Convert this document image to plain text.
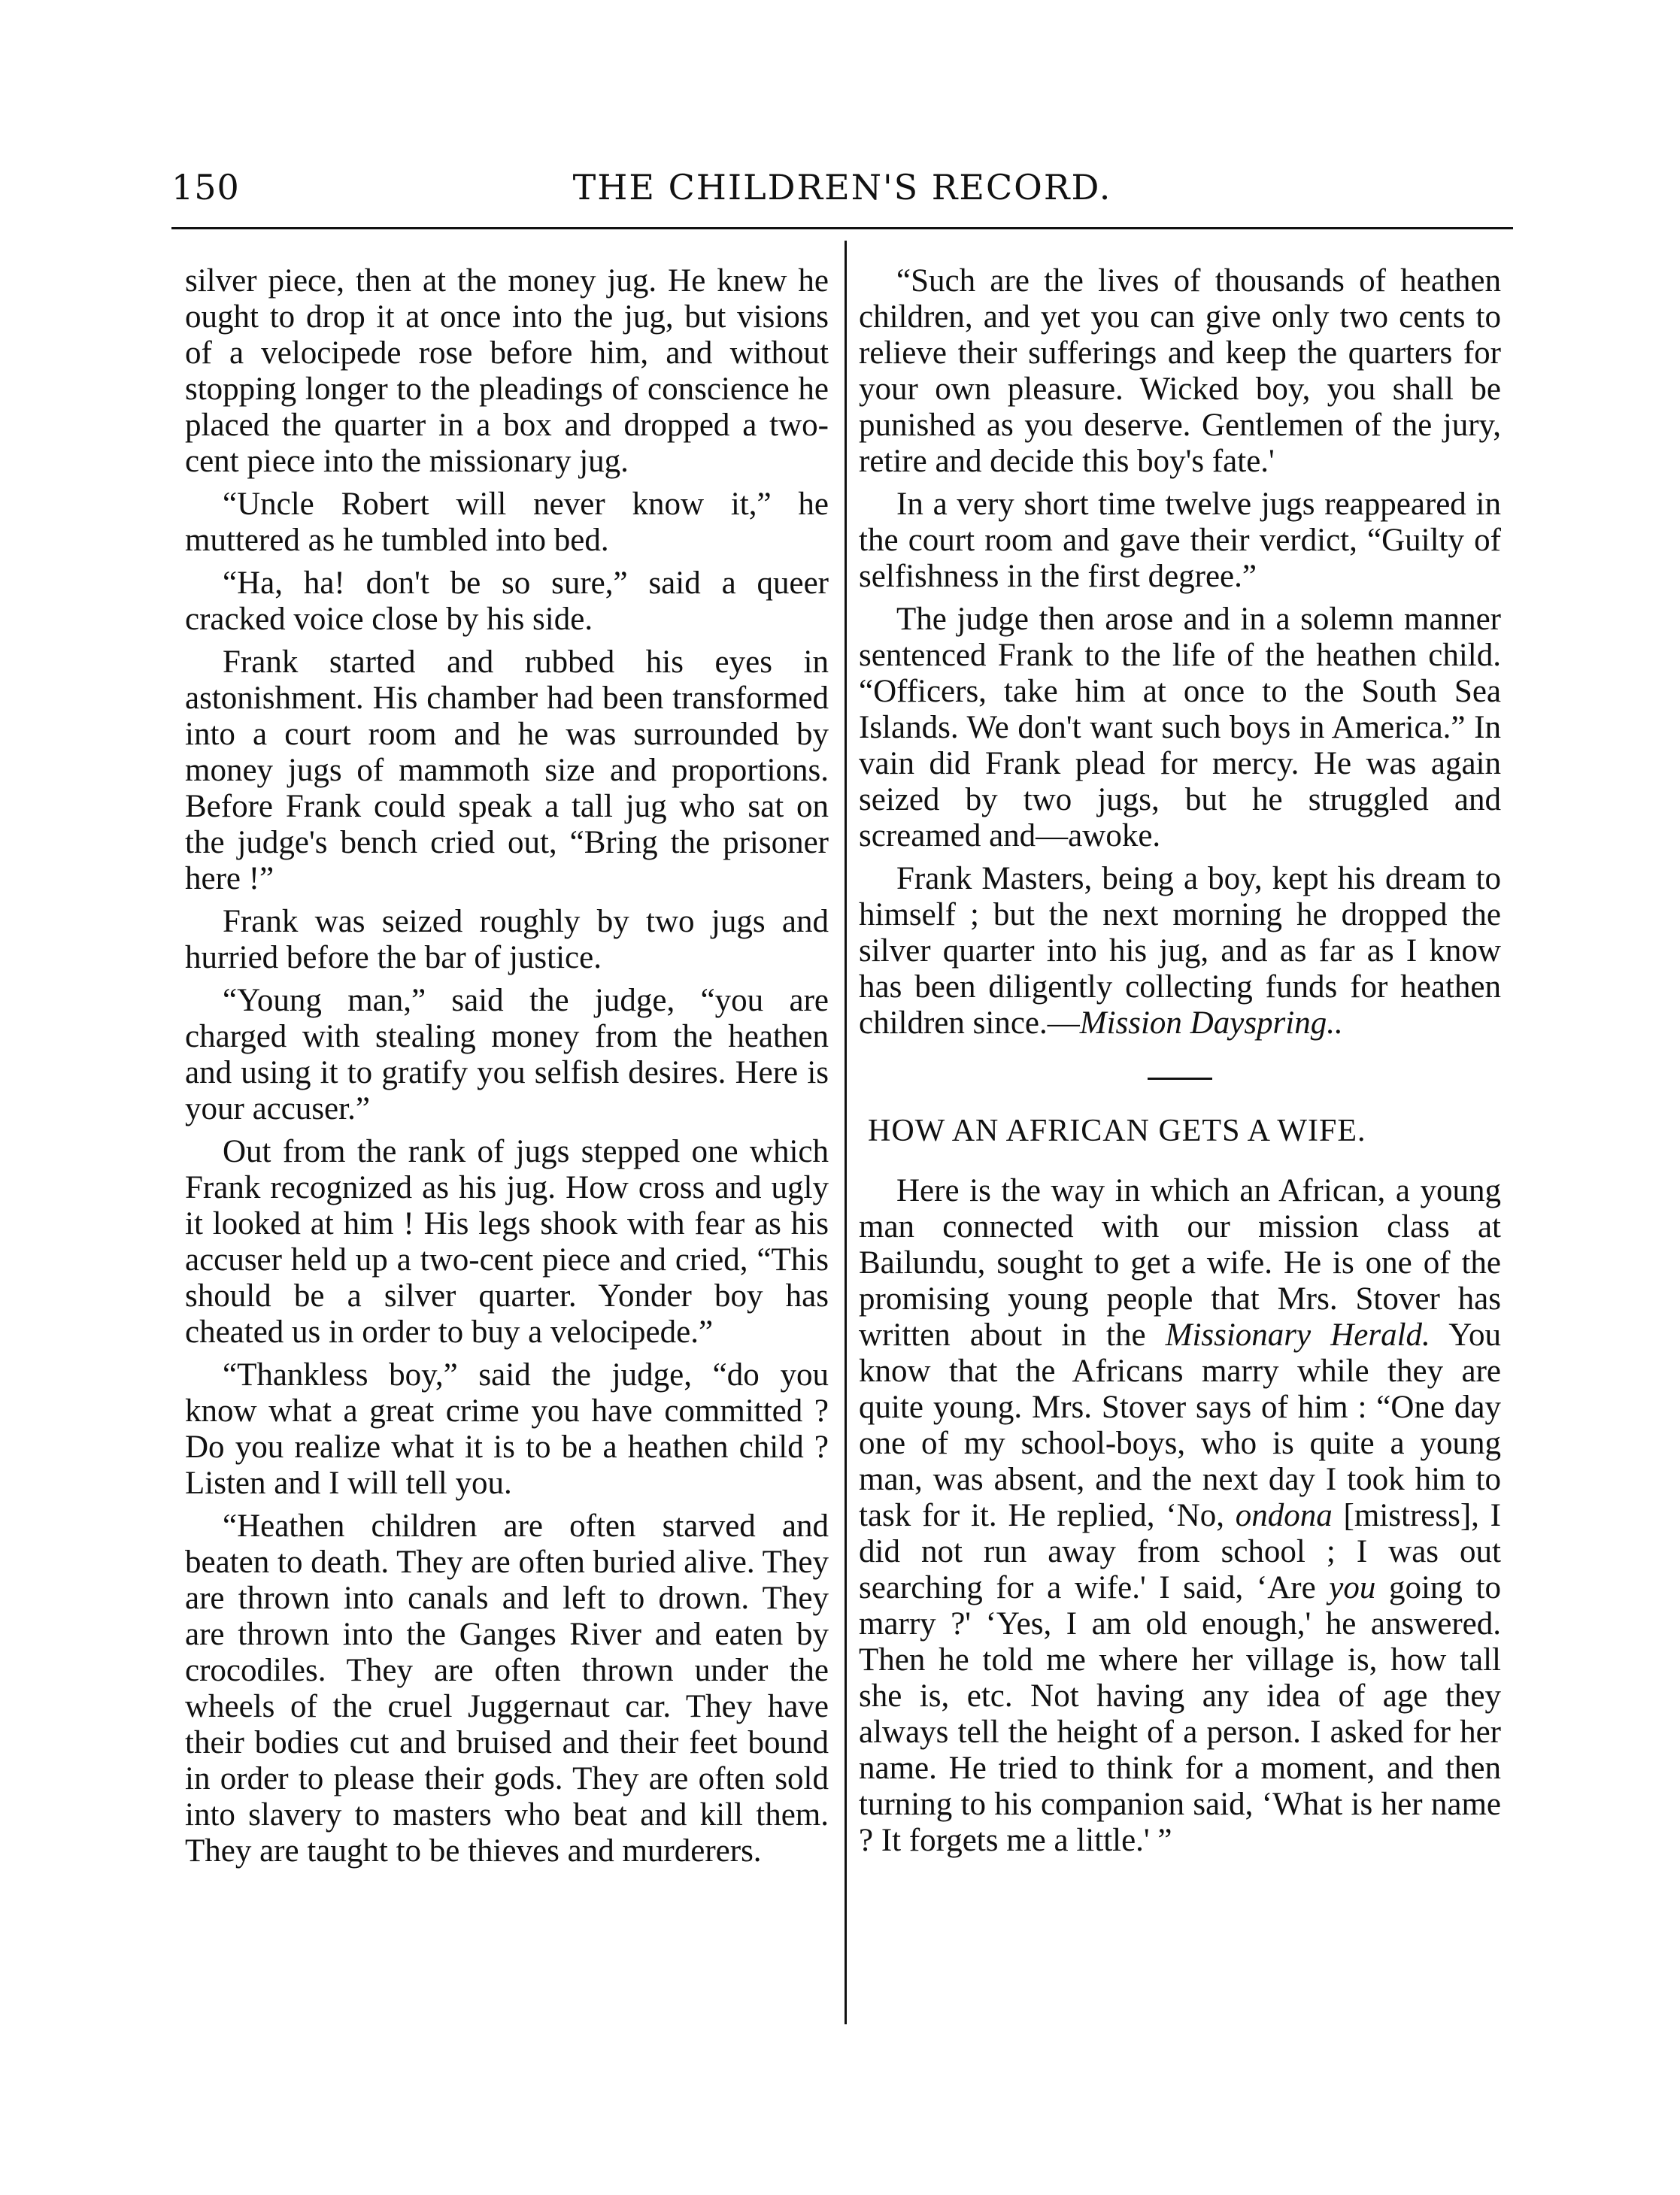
150	THE CHILDREN'S RECORD.

silver piece, then at the money jug. He knew he ought to drop it at once into the jug, but visions of a velocipede rose before him, and without stopping longer to the pleadings of conscience he placed the quarter in a box and dropped a two-cent piece into the missionary jug.

“Uncle Robert will never know it,” he muttered as he tumbled into bed.

“Ha, ha! don't be so sure,” said a queer cracked voice close by his side.

Frank started and rubbed his eyes in astonishment. His chamber had been transformed into a court room and he was surrounded by money jugs of mammoth size and proportions. Before Frank could speak a tall jug who sat on the judge's bench cried out, “Bring the prisoner here !”

Frank was seized roughly by two jugs and hurried before the bar of justice.

“Young man,” said the judge, “you are charged with stealing money from the heathen and using it to gratify you selfish desires. Here is your accuser.”

Out from the rank of jugs stepped one which Frank recognized as his jug. How cross and ugly it looked at him ! His legs shook with fear as his accuser held up a two-cent piece and cried, “This should be a silver quarter. Yonder boy has cheated us in order to buy a velocipede.”

“Thankless boy,” said the judge, “do you know what a great crime you have committed ? Do you realize what it is to be a heathen child ? Listen and I will tell you.

“Heathen children are often starved and beaten to death. They are often buried alive. They are thrown into canals and left to drown. They are thrown into the Ganges River and eaten by crocodiles. They are often thrown under the wheels of the cruel Juggernaut car. They have their bodies cut and bruised and their feet bound in order to please their gods. They are often sold into slavery to masters who beat and kill them. They are taught to be thieves and murderers.

“Such are the lives of thousands of heathen children, and yet you can give only two cents to relieve their sufferings and keep the quarters for your own pleasure. Wicked boy, you shall be punished as you deserve. Gentlemen of the jury, retire and decide this boy's fate.'

In a very short time twelve jugs reappeared in the court room and gave their verdict, “Guilty of selfishness in the first degree.”

The judge then arose and in a solemn manner sentenced Frank to the life of the heathen child. “Officers, take him at once to the South Sea Islands. We don't want such boys in America.” In vain did Frank plead for mercy. He was again seized by two jugs, but he struggled and screamed and—awoke.

Frank Masters, being a boy, kept his dream to himself ; but the next morning he dropped the silver quarter into his jug, and as far as I know has been diligently collecting funds for heathen children since.—Mission Dayspring..

HOW AN AFRICAN GETS A WIFE.

Here is the way in which an African, a young man connected with our mission class at Bailundu, sought to get a wife. He is one of the promising young people that Mrs. Stover has written about in the Missionary Herald. You know that the Africans marry while they are quite young. Mrs. Stover says of him : “One day one of my school-boys, who is quite a young man, was absent, and the next day I took him to task for it. He replied, ‘No, ondona [mistress], I did not run away from school ; I was out searching for a wife.' I said, ‘Are you going to marry ?' ‘Yes, I am old enough,' he answered. Then he told me where her village is, how tall she is, etc. Not having any idea of age they always tell the height of a person. I asked for her name. He tried to think for a moment, and then turning to his companion said, ‘What is her name ? It forgets me a little.' ”
